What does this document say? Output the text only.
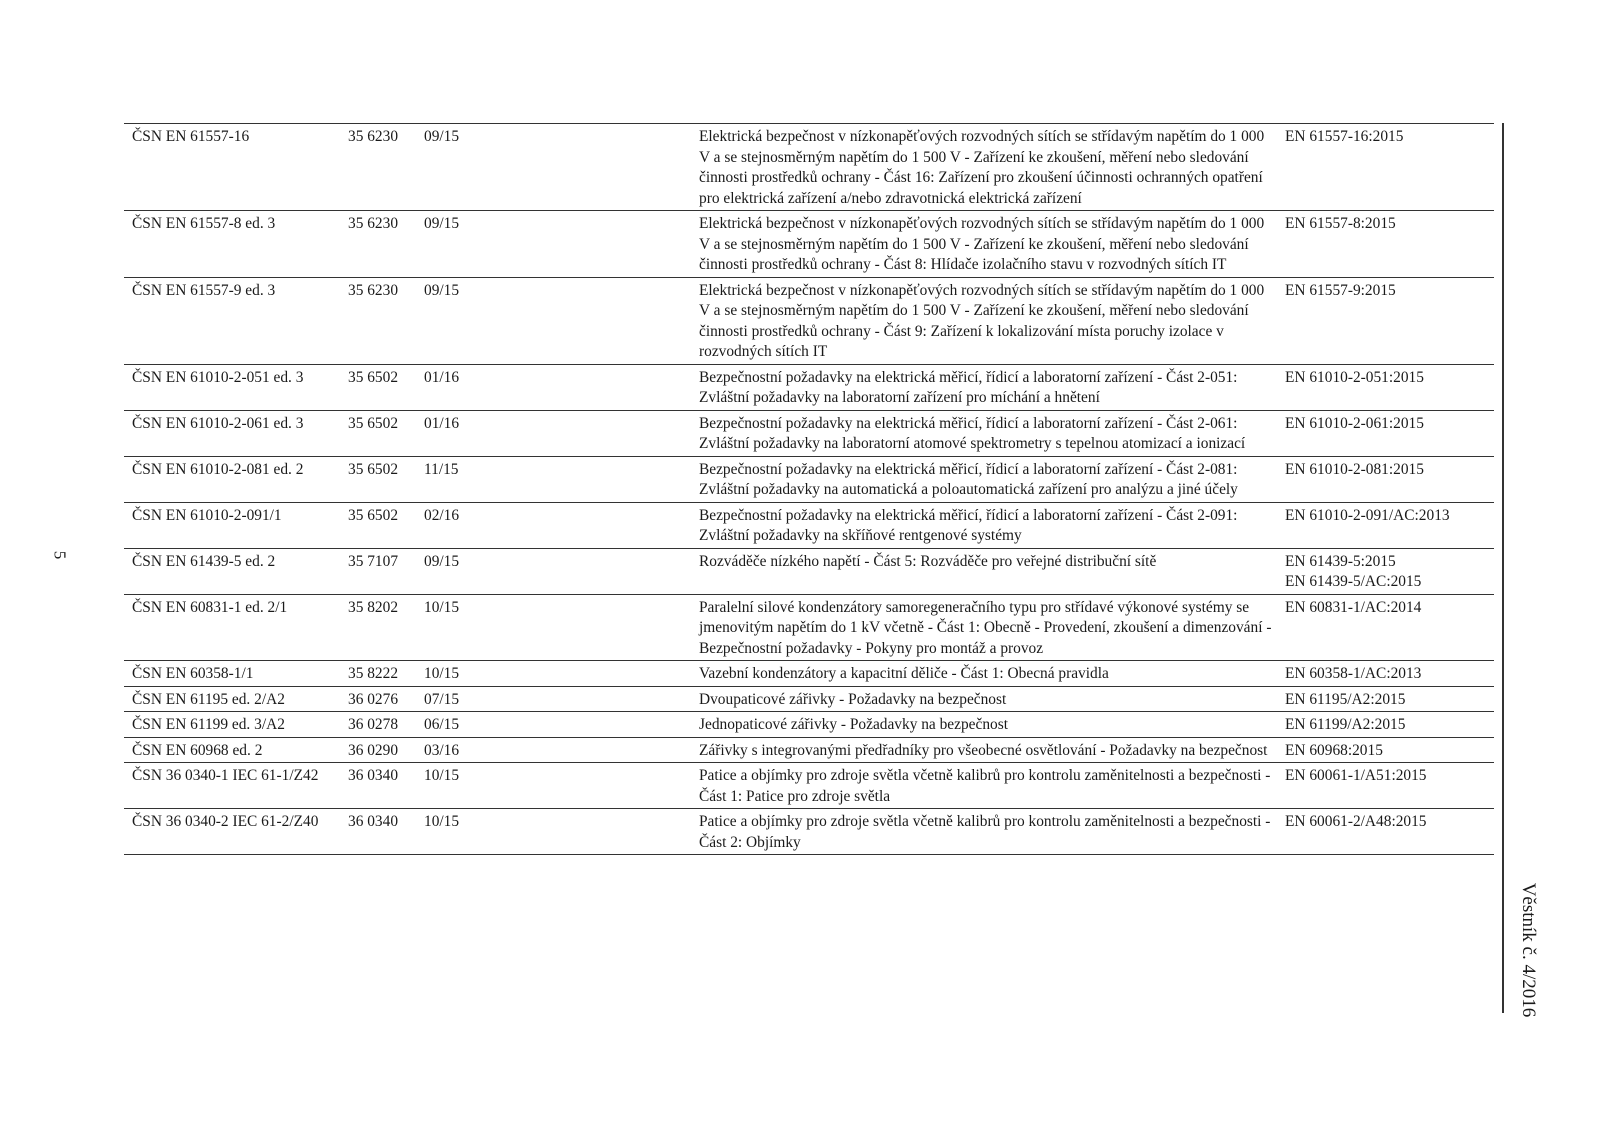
5
ČSN EN 61557-16	35 6230	09/15	Elektrická bezpečnost v nízkonapěťových rozvodných sítích se střídavým napětím do 1 000 V a se stejnosměrným napětím do 1 500 V - Zařízení ke zkoušení, měření nebo sledování činnosti prostředků ochrany - Část 16: Zařízení pro zkoušení účinnosti ochranných opatření pro elektrická zařízení a/nebo zdravotnická elektrická zařízení	EN 61557-16:2015
ČSN EN 61557-8 ed. 3	35 6230	09/15	Elektrická bezpečnost v nízkonapěťových rozvodných sítích se střídavým napětím do 1 000 V a se stejnosměrným napětím do 1 500 V - Zařízení ke zkoušení, měření nebo sledování činnosti prostředků ochrany - Část 8: Hlídače izolačního stavu v rozvodných sítích IT	EN 61557-8:2015
ČSN EN 61557-9 ed. 3	35 6230	09/15	Elektrická bezpečnost v nízkonapěťových rozvodných sítích se střídavým napětím do 1 000 V a se stejnosměrným napětím do 1 500 V - Zařízení ke zkoušení, měření nebo sledování činnosti prostředků ochrany - Část 9: Zařízení k lokalizování místa poruchy izolace v rozvodných sítích IT	EN 61557-9:2015
ČSN EN 61010-2-051 ed. 3	35 6502	01/16	Bezpečnostní požadavky na elektrická měřicí, řídicí a laboratorní zařízení - Část 2-051: Zvláštní požadavky na laboratorní zařízení pro míchání a hnětení	EN 61010-2-051:2015
ČSN EN 61010-2-061 ed. 3	35 6502	01/16	Bezpečnostní požadavky na elektrická měřicí, řídicí a laboratorní zařízení - Část 2-061: Zvláštní požadavky na laboratorní atomové spektrometry s tepelnou atomizací a ionizací	EN 61010-2-061:2015
ČSN EN 61010-2-081 ed. 2	35 6502	11/15	Bezpečnostní požadavky na elektrická měřicí, řídicí a laboratorní zařízení - Část 2-081: Zvláštní požadavky na automatická a poloautomatická zařízení pro analýzu a jiné účely	EN 61010-2-081:2015
ČSN EN 61010-2-091/1	35 6502	02/16	Bezpečnostní požadavky na elektrická měřicí, řídicí a laboratorní zařízení - Část 2-091: Zvláštní požadavky na skříňové rentgenové systémy	EN 61010-2-091/AC:2013
ČSN EN 61439-5 ed. 2	35 7107	09/15	Rozváděče nízkého napětí - Část 5: Rozváděče pro veřejné distribuční sítě	EN 61439-5:2015
EN 61439-5/AC:2015
ČSN EN 60831-1 ed. 2/1	35 8202	10/15	Paralelní silové kondenzátory samoregeneračního typu pro střídavé výkonové systémy se jmenovitým napětím do 1 kV včetně - Část 1: Obecně - Provedení, zkoušení a dimenzování - Bezpečnostní požadavky - Pokyny pro montáž a provoz	EN 60831-1/AC:2014
ČSN EN 60358-1/1	35 8222	10/15	Vazební kondenzátory a kapacitní děliče - Část 1: Obecná pravidla	EN 60358-1/AC:2013
ČSN EN 61195 ed. 2/A2	36 0276	07/15	Dvoupaticové zářivky - Požadavky na bezpečnost	EN 61195/A2:2015
ČSN EN 61199 ed. 3/A2	36 0278	06/15	Jednopaticové zářivky - Požadavky na bezpečnost	EN 61199/A2:2015
ČSN EN 60968 ed. 2	36 0290	03/16	Zářivky s integrovanými předřadníky pro všeobecné osvětlování - Požadavky na bezpečnost	EN 60968:2015
ČSN 36 0340-1 IEC 61-1/Z42	36 0340	10/15	Patice a objímky pro zdroje světla včetně kalibrů pro kontrolu zaměnitelnosti a bezpečnosti - Část 1: Patice pro zdroje světla	EN 60061-1/A51:2015
ČSN 36 0340-2 IEC 61-2/Z40	36 0340	10/15	Patice a objímky pro zdroje světla včetně kalibrů pro kontrolu zaměnitelnosti a bezpečnosti - Část 2: Objímky	EN 60061-2/A48:2015
Věstník č. 4/2016
